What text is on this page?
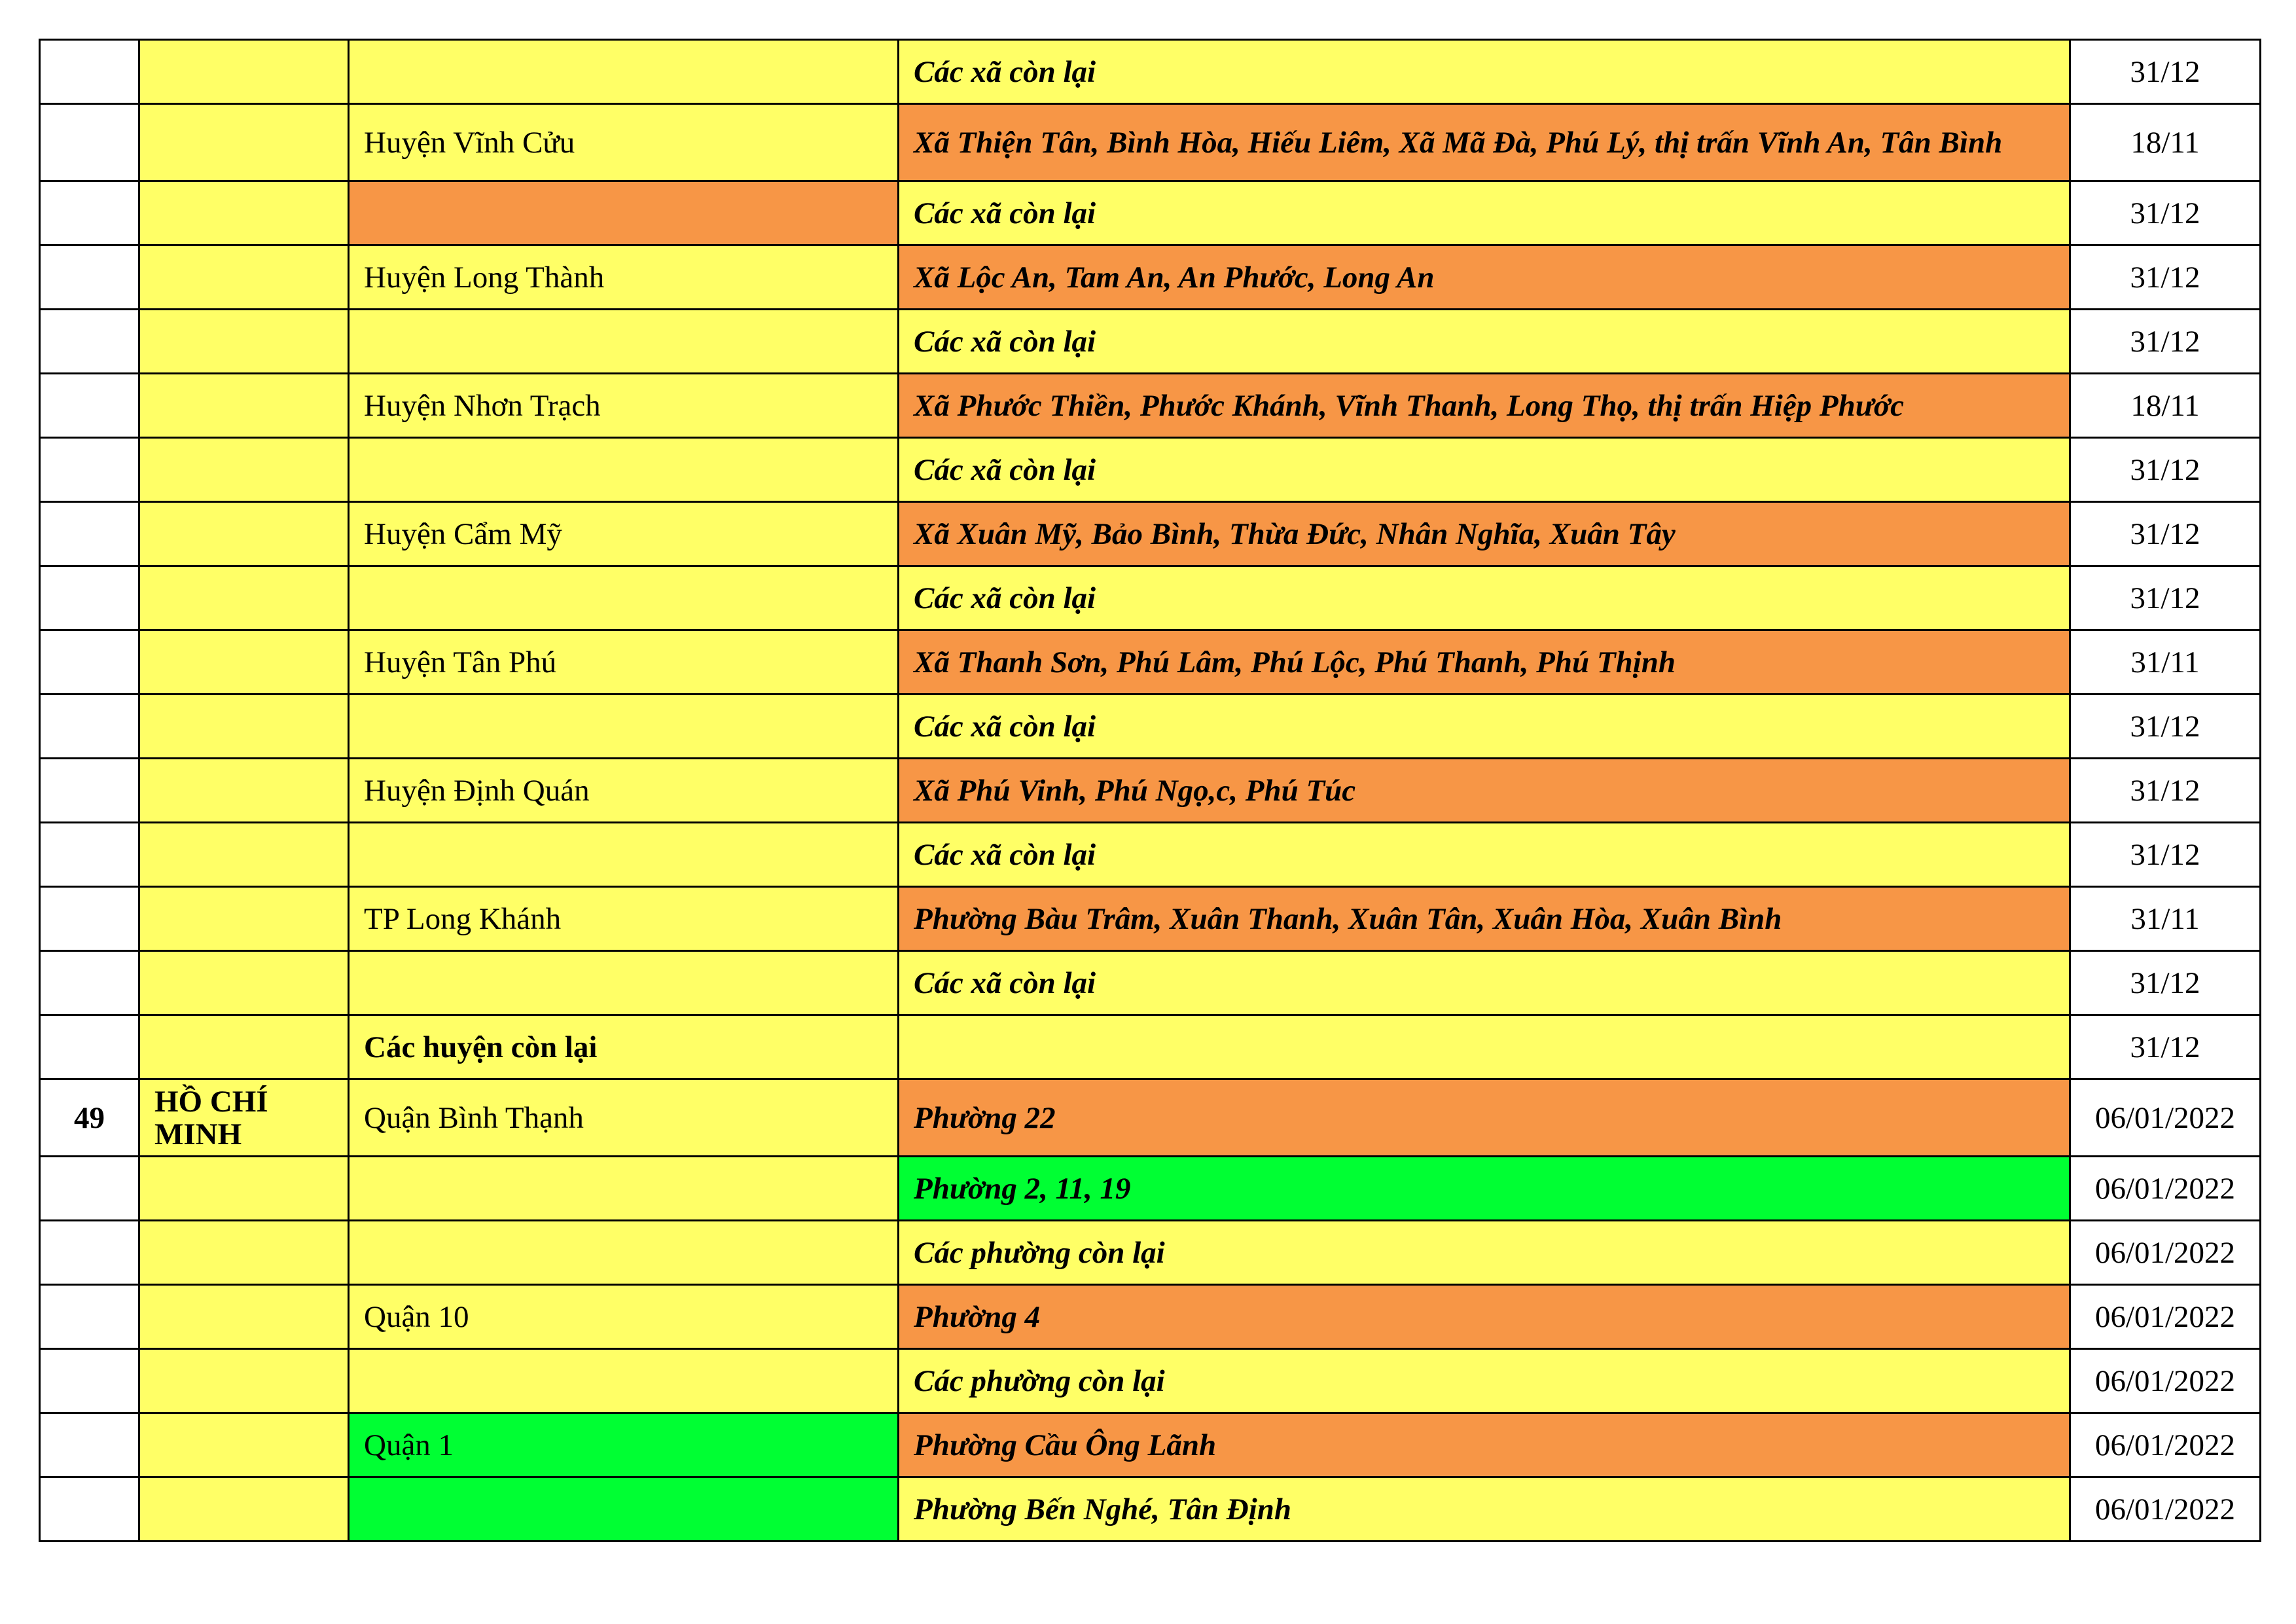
			Các xã còn lại	31/12
		Huyện Vĩnh Cửu	Xã Thiện Tân, Bình Hòa, Hiếu Liêm, Xã Mã Đà, Phú Lý, thị trấn Vĩnh An, Tân Bình	18/11
			Các xã còn lại	31/12
		Huyện Long Thành	Xã Lộc An, Tam An, An Phước, Long An	31/12
			Các xã còn lại	31/12
		Huyện Nhơn Trạch	Xã Phước Thiền, Phước Khánh, Vĩnh Thanh, Long Thọ, thị trấn Hiệp Phước	18/11
			Các xã còn lại	31/12
		Huyện Cẩm Mỹ	Xã Xuân Mỹ, Bảo Bình, Thừa Đức, Nhân Nghĩa, Xuân Tây	31/12
			Các xã còn lại	31/12
		Huyện Tân Phú	Xã Thanh Sơn, Phú Lâm, Phú Lộc, Phú Thanh, Phú Thịnh	31/11
			Các xã còn lại	31/12
		Huyện Định Quán	Xã Phú Vinh, Phú Ngọ,c, Phú Túc	31/12
			Các xã còn lại	31/12
		TP Long Khánh	Phường Bàu Trâm, Xuân Thanh, Xuân Tân, Xuân Hòa, Xuân Bình	31/11
			Các xã còn lại	31/12
		Các huyện còn lại		31/12
49	HỒ CHÍ MINH	Quận Bình Thạnh	Phường 22	06/01/2022
			Phường 2, 11, 19	06/01/2022
			Các phường còn lại	06/01/2022
		Quận 10	Phường 4	06/01/2022
			Các phường còn lại	06/01/2022
		Quận 1	Phường Cầu Ông Lãnh	06/01/2022
			Phường Bến Nghé, Tân Định	06/01/2022
